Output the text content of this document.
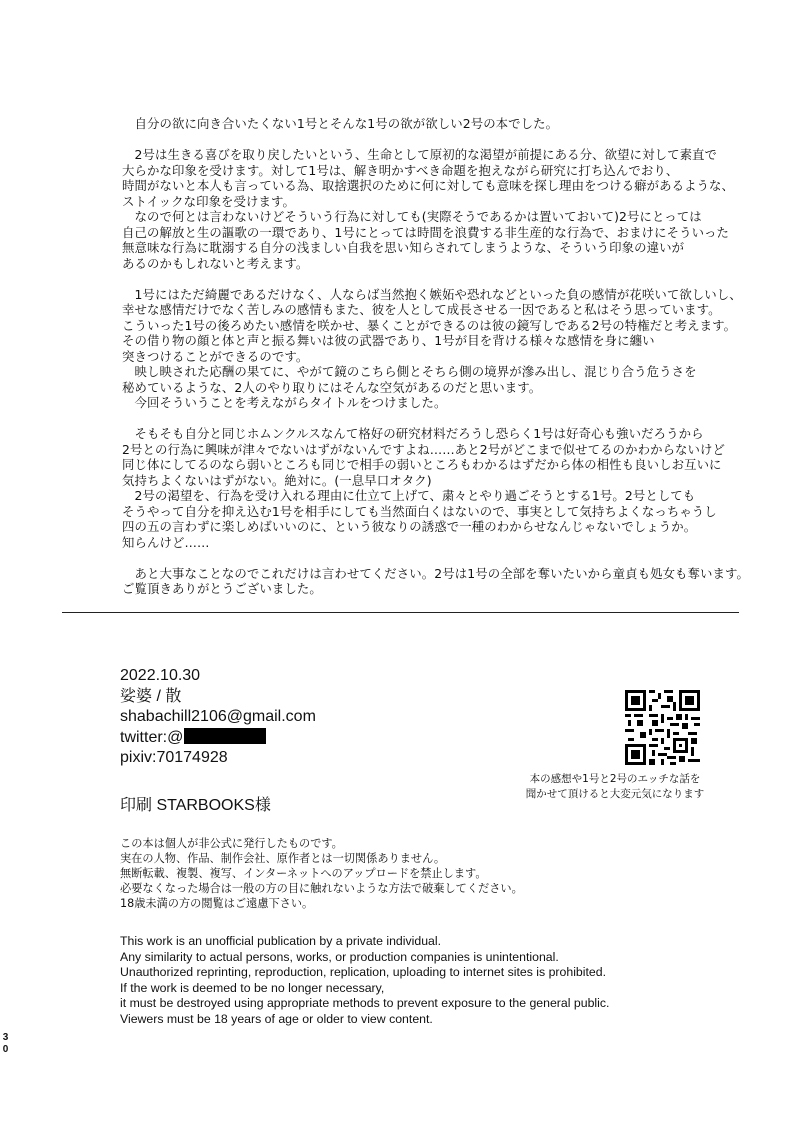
　自分の欲に向き合いたくない1号とそんな1号の欲が欲しい2号の本でした。

　2号は生きる喜びを取り戻したいという、生命として原初的な渇望が前提にある分、欲望に対して素直で
大らかな印象を受けます。対して1号は、解き明かすべき命題を抱えながら研究に打ち込んでおり、
時間がないと本人も言っている為、取捨選択のために何に対しても意味を探し理由をつける癖があるような、
ストイックな印象を受けます。
　なので何とは言わないけどそういう行為に対しても(実際そうであるかは置いておいて)2号にとっては
自己の解放と生の謳歌の一環であり、1号にとっては時間を浪費する非生産的な行為で、おまけにそういった
無意味な行為に耽溺する自分の浅ましい自我を思い知らされてしまうような、そういう印象の違いが
あるのかもしれないと考えます。

　1号にはただ綺麗であるだけなく、人ならば当然抱く嫉妬や恐れなどといった負の感情が花咲いて欲しいし、
幸せな感情だけでなく苦しみの感情もまた、彼を人として成長させる一因であると私はそう思っています。
こういった1号の後ろめたい感情を咲かせ、暴くことができるのは彼の鏡写しである2号の特権だと考えます。
その借り物の顔と体と声と振る舞いは彼の武器であり、1号が目を背ける様々な感情を身に纏い
突きつけることができるのです。
　映し映された応酬の果てに、やがて鏡のこちら側とそちら側の境界が滲み出し、混じり合う危うさを
秘めているような、2人のやり取りにはそんな空気があるのだと思います。
　今回そういうことを考えながらタイトルをつけました。

　そもそも自分と同じホムンクルスなんて格好の研究材料だろうし恐らく1号は好奇心も強いだろうから
2号との行為に興味が津々でないはずがないんですよね……あと2号がどこまで似せてるのかわからないけど
同じ体にしてるのなら弱いところも同じで相手の弱いところもわかるはずだから体の相性も良いしお互いに
気持ちよくないはずがない。絶対に。(一息早口オタク)
　2号の渇望を、行為を受け入れる理由に仕立て上げて、粛々とやり過ごそうとする1号。2号としても
そうやって自分を抑え込む1号を相手にしても当然面白くはないので、事実として気持ちよくなっちゃうし
四の五の言わずに楽しめばいいのに、という彼なりの誘惑で一種のわからせなんじゃないでしょうか。
知らんけど……

　あと大事なことなのでこれだけは言わせてください。2号は1号の全部を奪いたいから童貞も処女も奪います。
ご覧頂きありがとうございました。

2022.10.30
娑婆 / 散
shabachill2106@gmail.com
twitter:@
pixiv:70174928
印刷 STARBOOKS様
本の感想や1号と2号のエッチな話を
聞かせて頂けると大変元気になります
この本は個人が非公式に発行したものです。
実在の人物、作品、制作会社、原作者とは一切関係ありません。
無断転載、複製、複写、インターネットへのアップロードを禁止します。
必要なくなった場合は一般の方の目に触れないような方法で破棄してください。
18歳未満の方の閲覧はご遠慮下さい。
This work is an unofficial publication by a private individual.
Any similarity to actual persons, works, or production companies is unintentional.
Unauthorized reprinting, reproduction, replication, uploading to internet sites is prohibited.
If the work is deemed to be no longer necessary,
it must be destroyed using appropriate methods to prevent exposure to the general public.
Viewers must be 18 years of age or older to view content.
30
